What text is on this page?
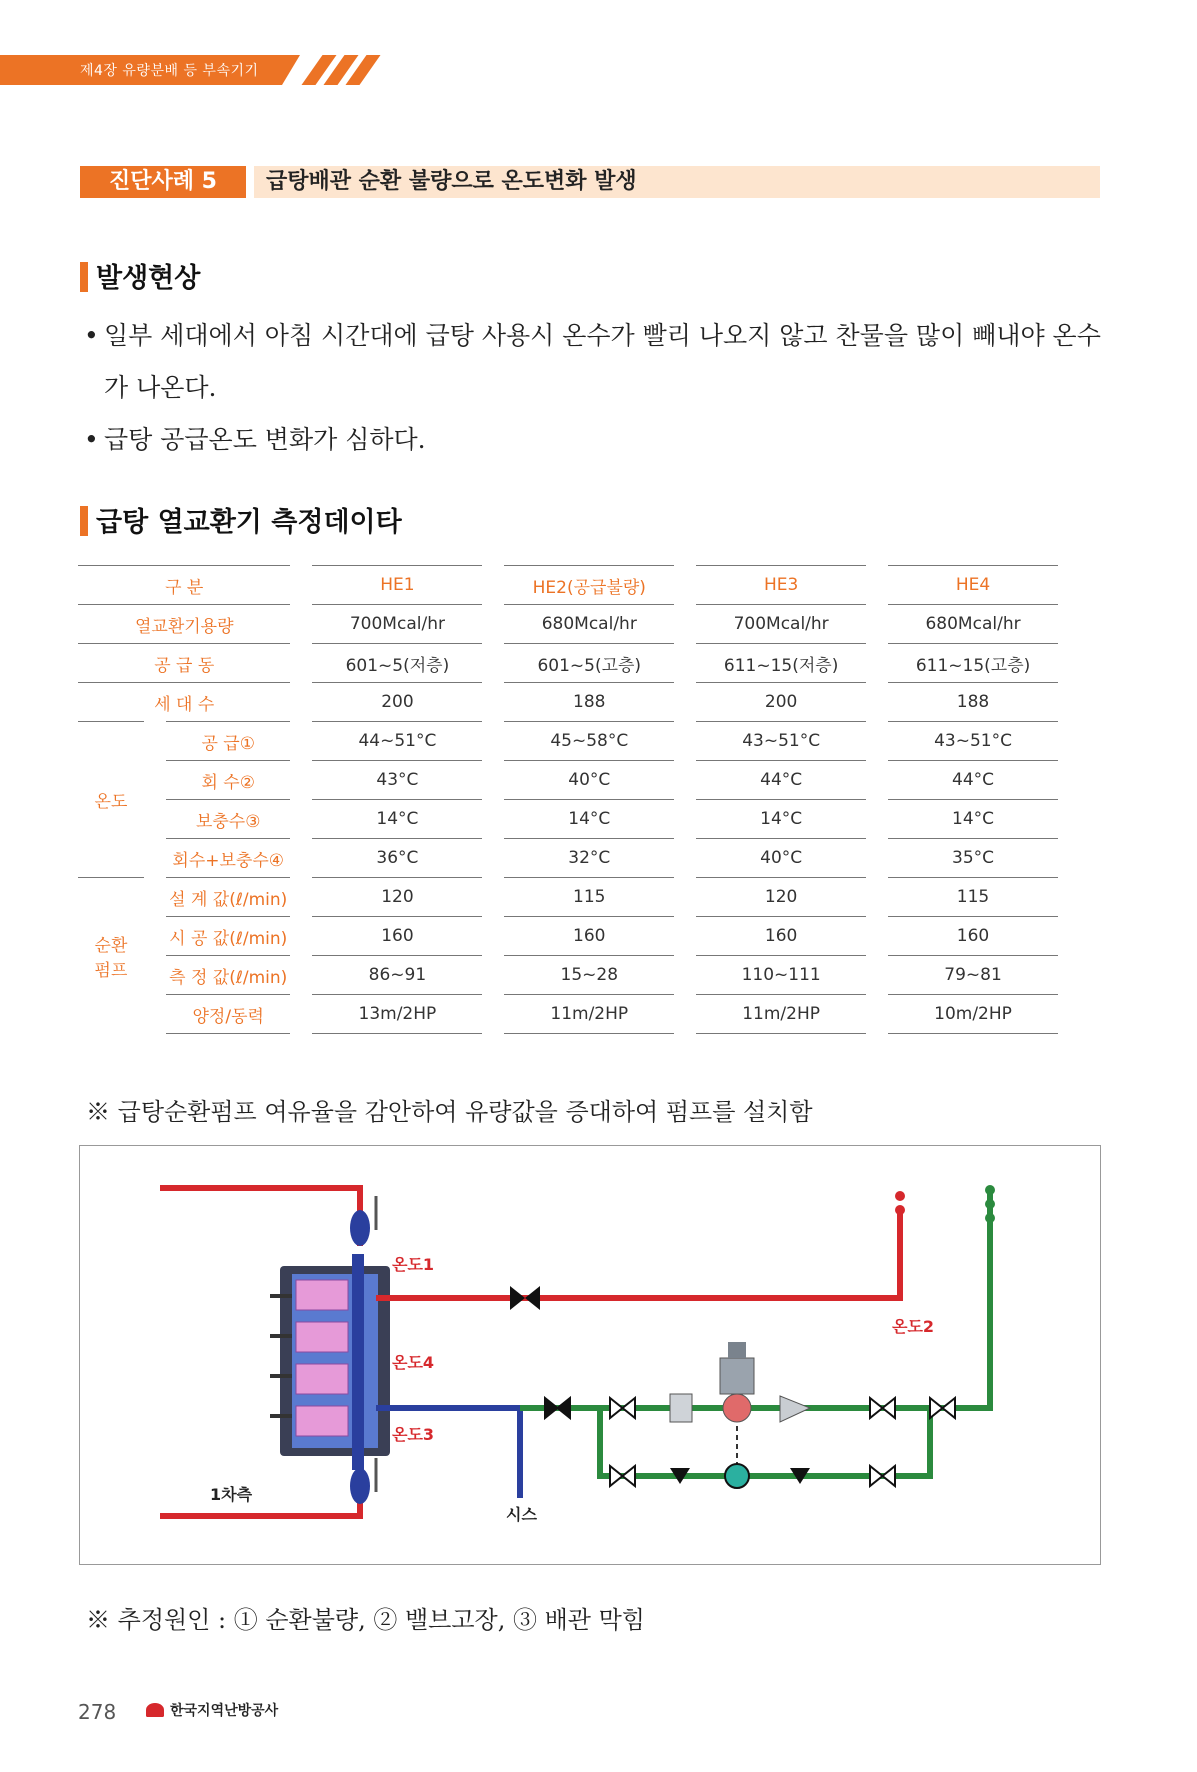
제4장 유량분배 등 부속기기
진단사례 5	급탕배관 순환 불량으로 온도변화 발생
발생현상
• 일부 세대에서 아침 시간대에 급탕 사용시 온수가 빨리 나오지 않고 찬물을 많이 빼내야 온수
가 나온다.
• 급탕 공급온도 변화가 심하다.
급탕 열교환기 측정데이타
구 분		HE1	HE2(공급불량)	HE3	HE4
열교환기용량		700Mcal/hr	680Mcal/hr	700Mcal/hr	680Mcal/hr
공 급 동		601~5(저층)	601~5(고층)	611~15(저층)	611~15(고층)
세 대 수		200	188	200	188
온도	공 급①	44~51°C	45~58°C	43~51°C	43~51°C
	회 수②	43°C	40°C	44°C	44°C
	보충수③	14°C	14°C	14°C	14°C
	회수+보충수④	36°C	32°C	40°C	35°C
순환
펌프	설 계 값(ℓ/min)	120	115	120	115
	시 공 값(ℓ/min)	160	160	160	160
	측 정 값(ℓ/min)	86~91	15~28	110~111	79~81
	양정/동력	13m/2HP	11m/2HP	11m/2HP	10m/2HP
※ 급탕순환펌프 여유율을 감안하여 유량값을 증대하여 펌프를 설치함
온도1
온도2
온도3
온도4
1차측
시스
※ 추정원인 : ① 순환불량, ② 밸브고장, ③ 배관 막힘
278	한국지역난방공사
